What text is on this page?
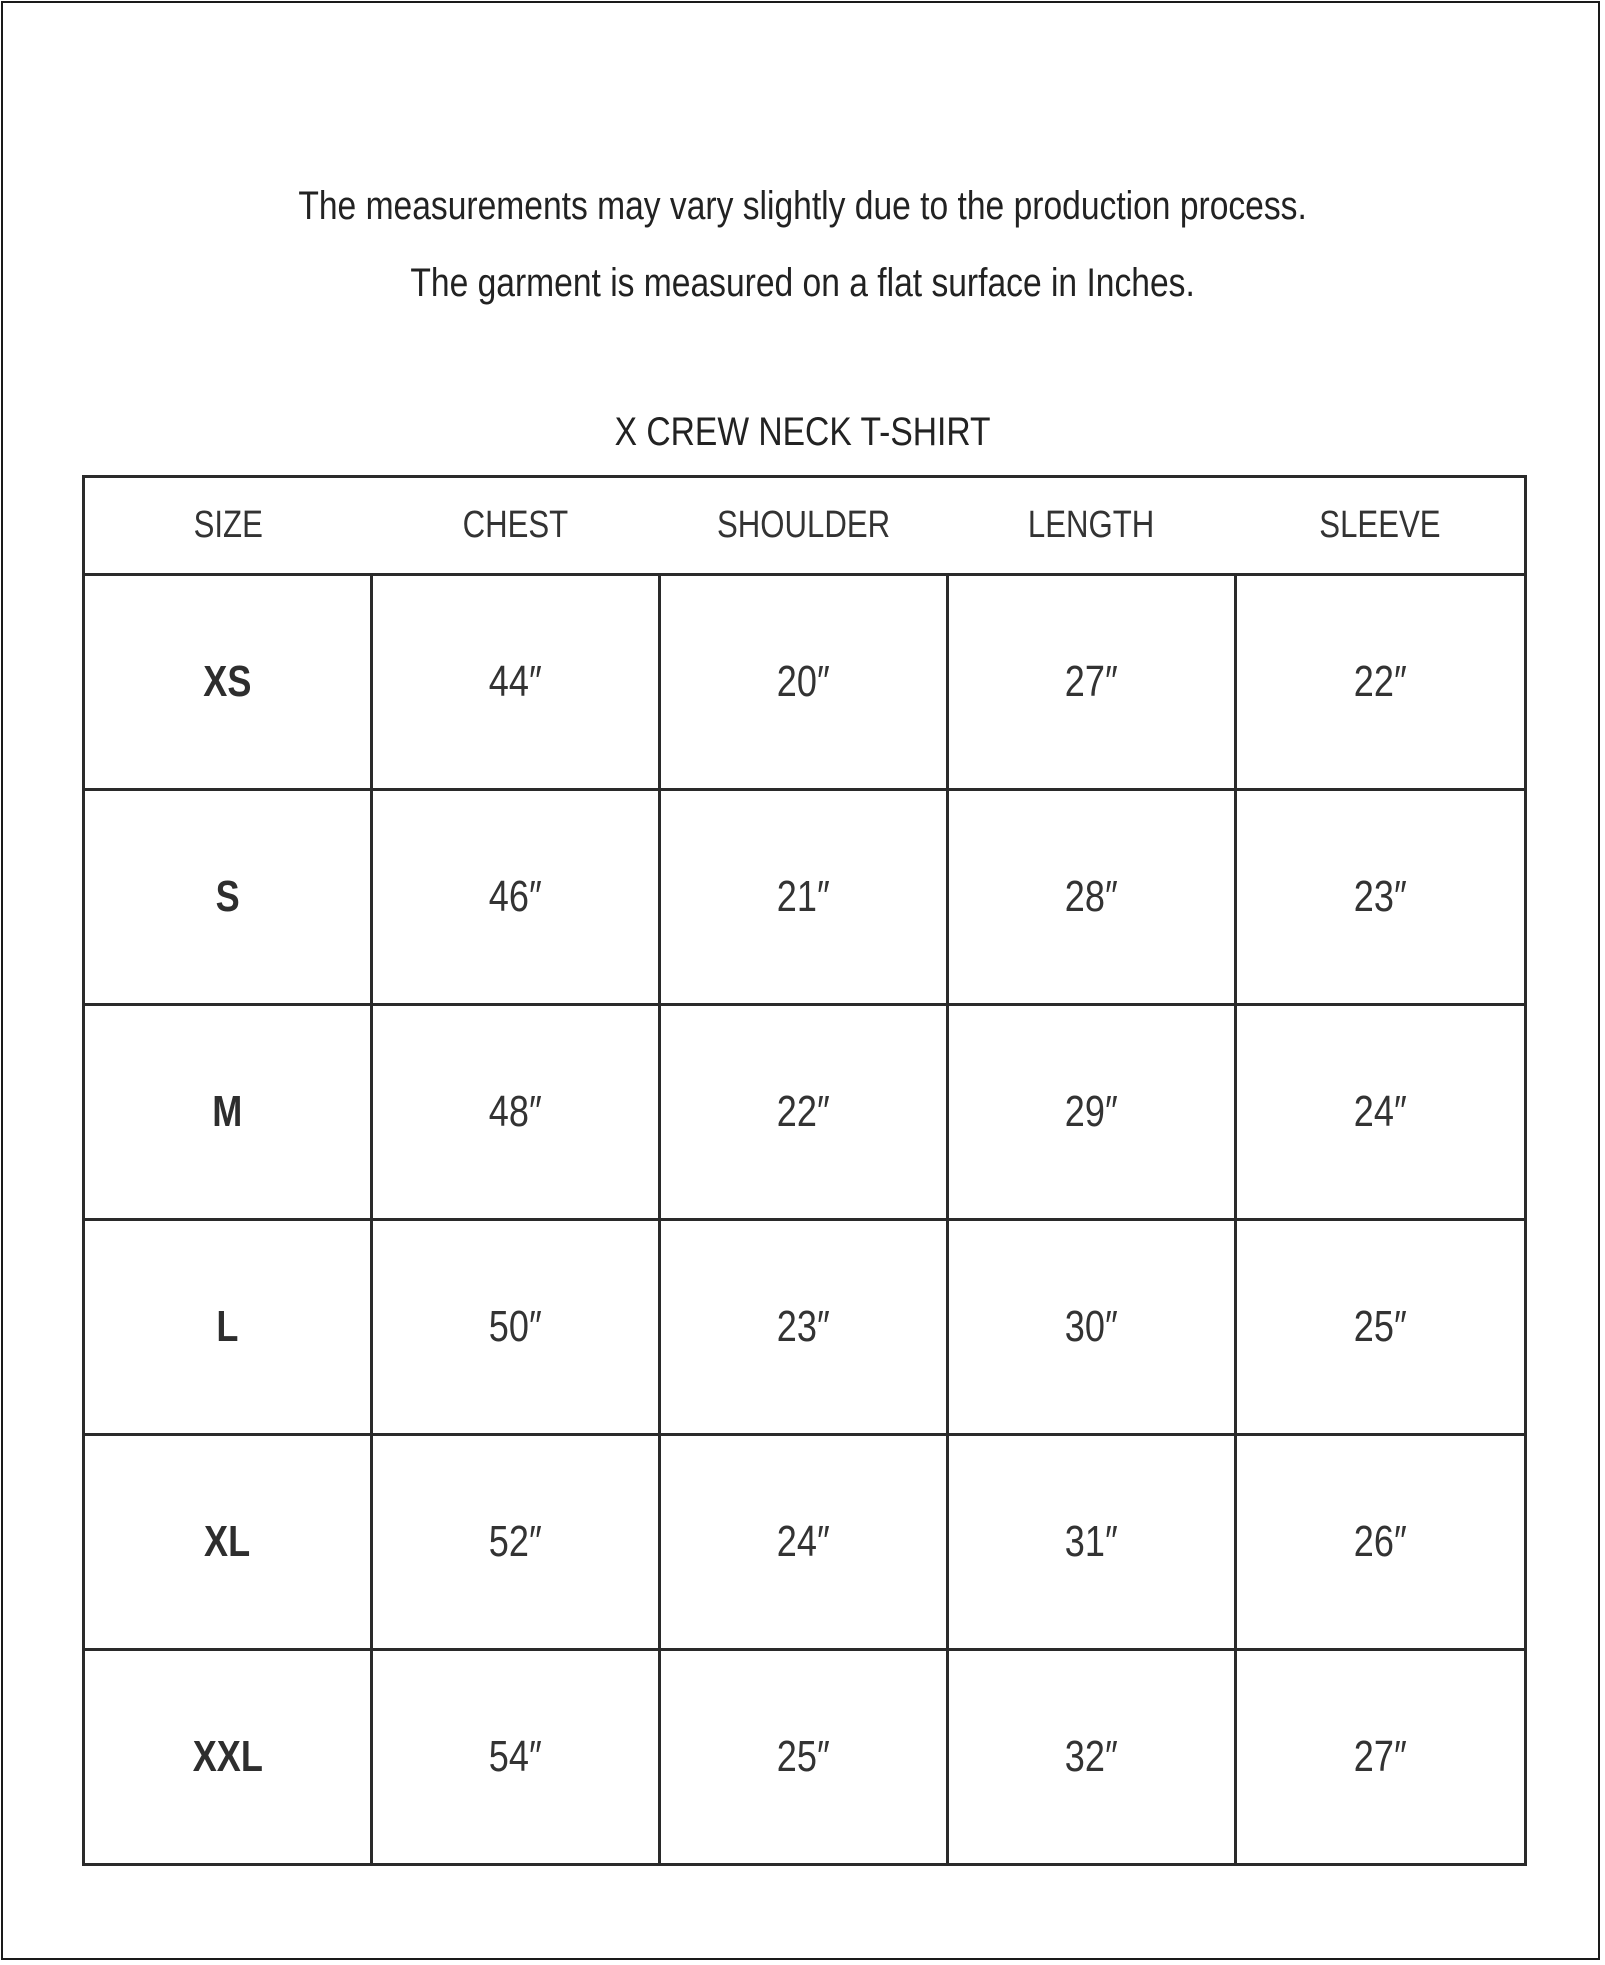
The measurements may vary slightly due to the production process.
The garment is measured on a flat surface in Inches.
X CREW NECK T-SHIRT
SIZE	CHEST	SHOULDER	LENGTH	SLEEVE
XS	44″	20″	27″	22″
S	46″	21″	28″	23″
M	48″	22″	29″	24″
L	50″	23″	30″	25″
XL	52″	24″	31″	26″
XXL	54″	25″	32″	27″
